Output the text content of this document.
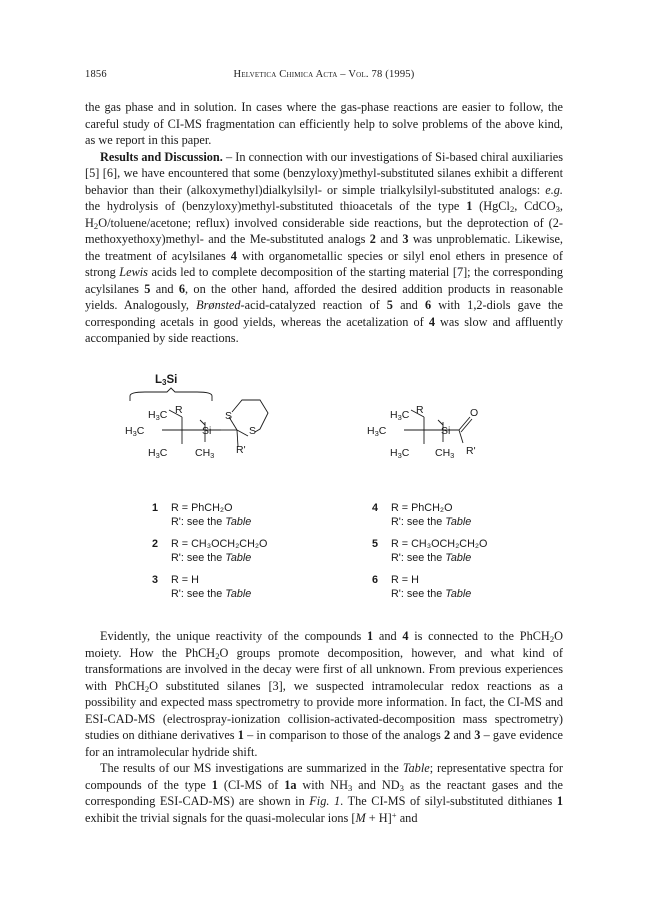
1856	Helvetica Chimica Acta – Vol. 78 (1995)

the gas phase and in solution. In cases where the gas-phase reactions are easier to follow, the careful study of CI-MS fragmentation can efficiently help to solve problems of the above kind, as we report in this paper.

Results and Discussion. – In connection with our investigations of Si-based chiral auxiliaries [5] [6], we have encountered that some (benzyloxy)methyl-substituted silanes exhibit a different behavior than their (alkoxymethyl)dialkylsilyl- or simple trialkylsilyl-substituted analogs: e.g. the hydrolysis of (benzyloxy)methyl-substituted thioacetals of the type 1 (HgCl$_2$, CdCO$_3$, $H_2O/toluene$/acetone; reflux) involved considerable side reactions, but the deprotection of (2-methoxyethoxy)methyl- and the Me-substituted analogs 2 and 3 was unproblematic. Likewise, the treatment of acylsilanes 4 with organometallic species or silyl enol ethers in presence of strong Lewis acids led to complete decomposition of the starting material [7]; the corresponding acylsilanes 5 and 6, on the other hand, afforded the desired addition products in reasonable yields. Analogously, Brønsted-acid-catalyzed reaction of 5 and 6 with 1,2-diols gave the corresponding acetals in good yields, whereas the acetalization of 4 was slow and affluently accompanied by side reactions.

L3Si
R
H3C	S
H3C	Si	S
H3C	CH3 R'
R
H3C	O
H3C	Si
H3C CH3 R'
1 R = PhCH₂O
R': see the Table
2 R = CH₃OCH₂CH₂O
R': see the Table
3 R = H
R': see the Table
4 R = PhCH₂O
R': see the Table
5 R = CH₃OCH₂CH₂O
R': see the Table
6 R = H
R': see the Table

Evidently, the unique reactivity of the compounds 1 and 4 is connected to the PhCH$_2$O moiety. How the PhCH$_2$O groups promote decomposition, however, and what kind of transformations are involved in the decay were first of all unknown. From previous experiences with PhCH$_2$O substituted silanes [3], we suspected intramolecular redox reactions as a possibility and expected mass spectrometry to provide more information. In fact, the CI-MS and ESI-CAD-MS (electrospray-ionization collision-activated-decomposition mass spectrometry) studies on dithiane derivatives 1 – in comparison to those of the analogs 2 and 3 – gave evidence for an intramolecular hydride shift.

The results of our MS investigations are summarized in the Table; representative spectra for compounds of the type 1 (CI-MS of 1a with $NH_3$ and $ND_3$ as the reactant gases and the corresponding ESI-CAD-MS) are shown in Fig. 1. The CI-MS of silyl-substituted dithianes 1 exhibit the trivial signals for the quasi-molecular ions [M + H]+ and
